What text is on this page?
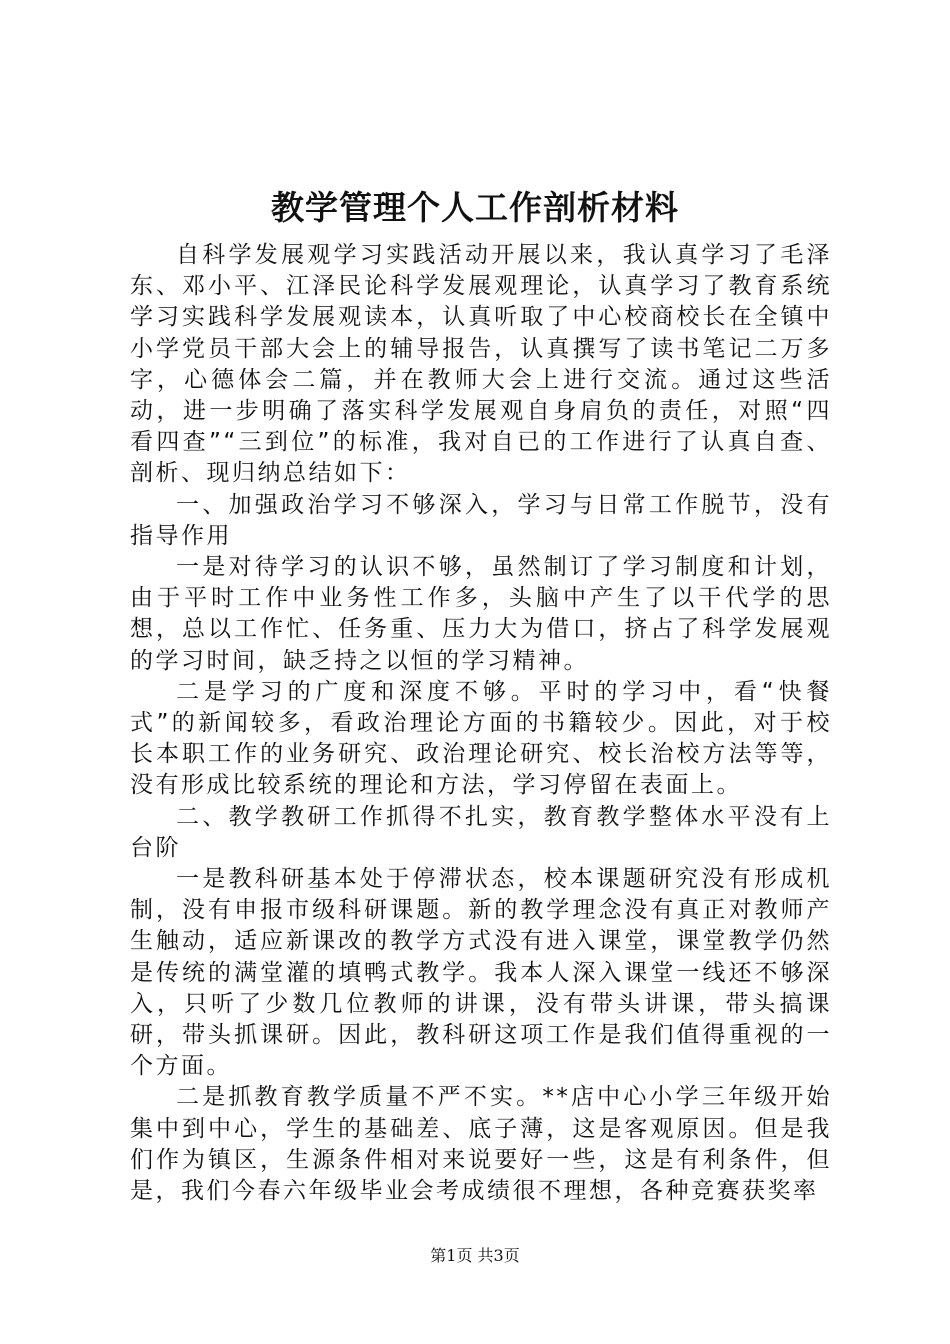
教学管理个人工作剖析材料

自科学发展观学习实践活动开展以来，我认真学习了毛泽东、邓小平、江泽民论科学发展观理论，认真学习了教育系统学习实践科学发展观读本，认真听取了中心校商校长在全镇中小学党员干部大会上的辅导报告，认真撰写了读书笔记二万多字，心德体会二篇，并在教师大会上进行交流。通过这些活动，进一步明确了落实科学发展观自身肩负的责任，对照“四看四查”“三到位”的标准，我对自已的工作进行了认真自查、剖析、现归纳总结如下：

一、加强政治学习不够深入，学习与日常工作脱节，没有指导作用

一是对待学习的认识不够，虽然制订了学习制度和计划，由于平时工作中业务性工作多，头脑中产生了以干代学的思想，总以工作忙、任务重、压力大为借口，挤占了科学发展观的学习时间，缺乏持之以恒的学习精神。

二是学习的广度和深度不够。平时的学习中，看“快餐式”的新闻较多，看政治理论方面的书籍较少。因此，对于校长本职工作的业务研究、政治理论研究、校长治校方法等等，没有形成比较系统的理论和方法，学习停留在表面上。

二、教学教研工作抓得不扎实，教育教学整体水平没有上台阶

一是教科研基本处于停滞状态，校本课题研究没有形成机制，没有申报市级科研课题。新的教学理念没有真正对教师产生触动，适应新课改的教学方式没有进入课堂，课堂教学仍然是传统的满堂灌的填鸭式教学。我本人深入课堂一线还不够深入，只听了少数几位教师的讲课，没有带头讲课，带头搞课研，带头抓课研。因此，教科研这项工作是我们值得重视的一个方面。

二是抓教育教学质量不严不实。**店中心小学三年级开始集中到中心，学生的基础差、底子薄，这是客观原因。但是我们作为镇区，生源条件相对来说要好一些，这是有利条件，但是，我们今春六年级毕业会考成绩很不理想，各种竞赛获奖率

第1页 共3页
